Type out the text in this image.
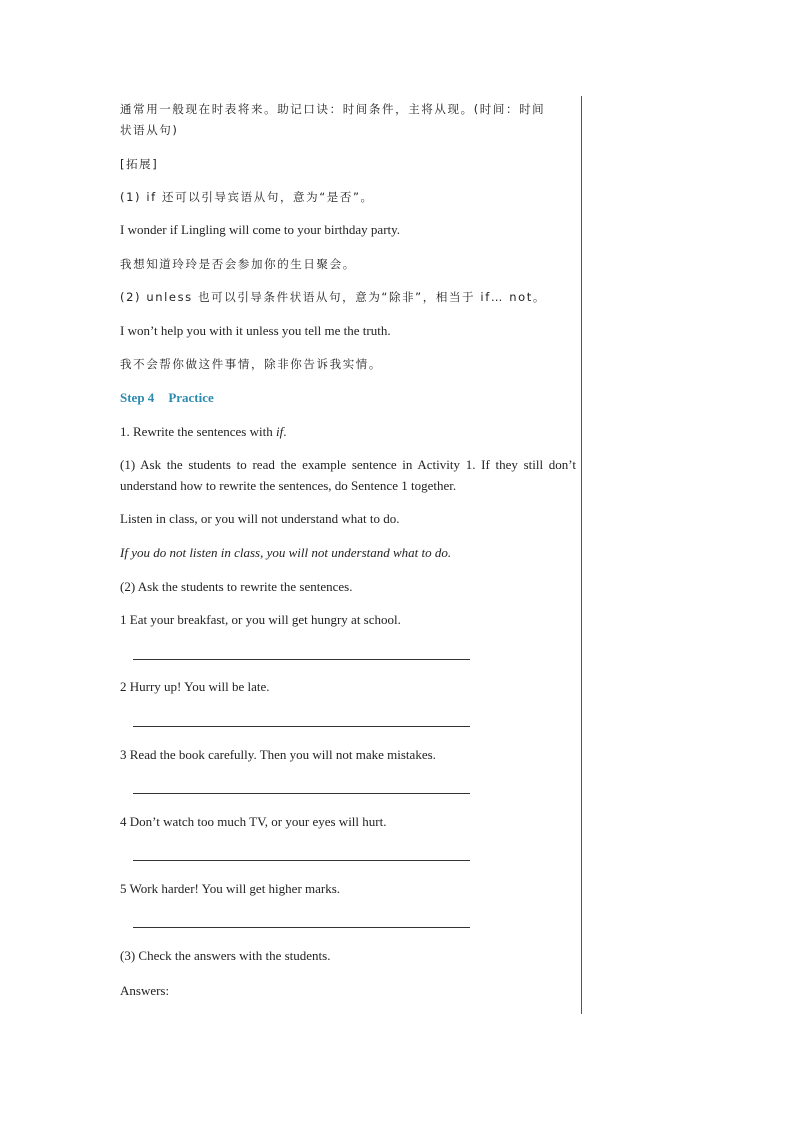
通常用一般现在时表将来。助记口诀：时间条件，主将从现。(时间：时间
状语从句)
[拓展]
(1) if 还可以引导宾语从句，意为“是否”。
I wonder if Lingling will come to your birthday party.
我想知道玲玲是否会参加你的生日聚会。
(2) unless 也可以引导条件状语从句，意为“除非”，相当于 if… not。
I won’t help you with it unless you tell me the truth.
我不会帮你做这件事情，除非你告诉我实情。
Step 4 Practice
1. Rewrite the sentences with if.
(1) Ask the students to read the example sentence in Activity 1. If they still don’t
understand how to rewrite the sentences, do Sentence 1 together.
Listen in class, or you will not understand what to do.
If you do not listen in class, you will not understand what to do.
(2) Ask the students to rewrite the sentences.
1 Eat your breakfast, or you will get hungry at school.
2 Hurry up! You will be late.
3 Read the book carefully. Then you will not make mistakes.
4 Don’t watch too much TV, or your eyes will hurt.
5 Work harder! You will get higher marks.
(3) Check the answers with the students.
Answers:
